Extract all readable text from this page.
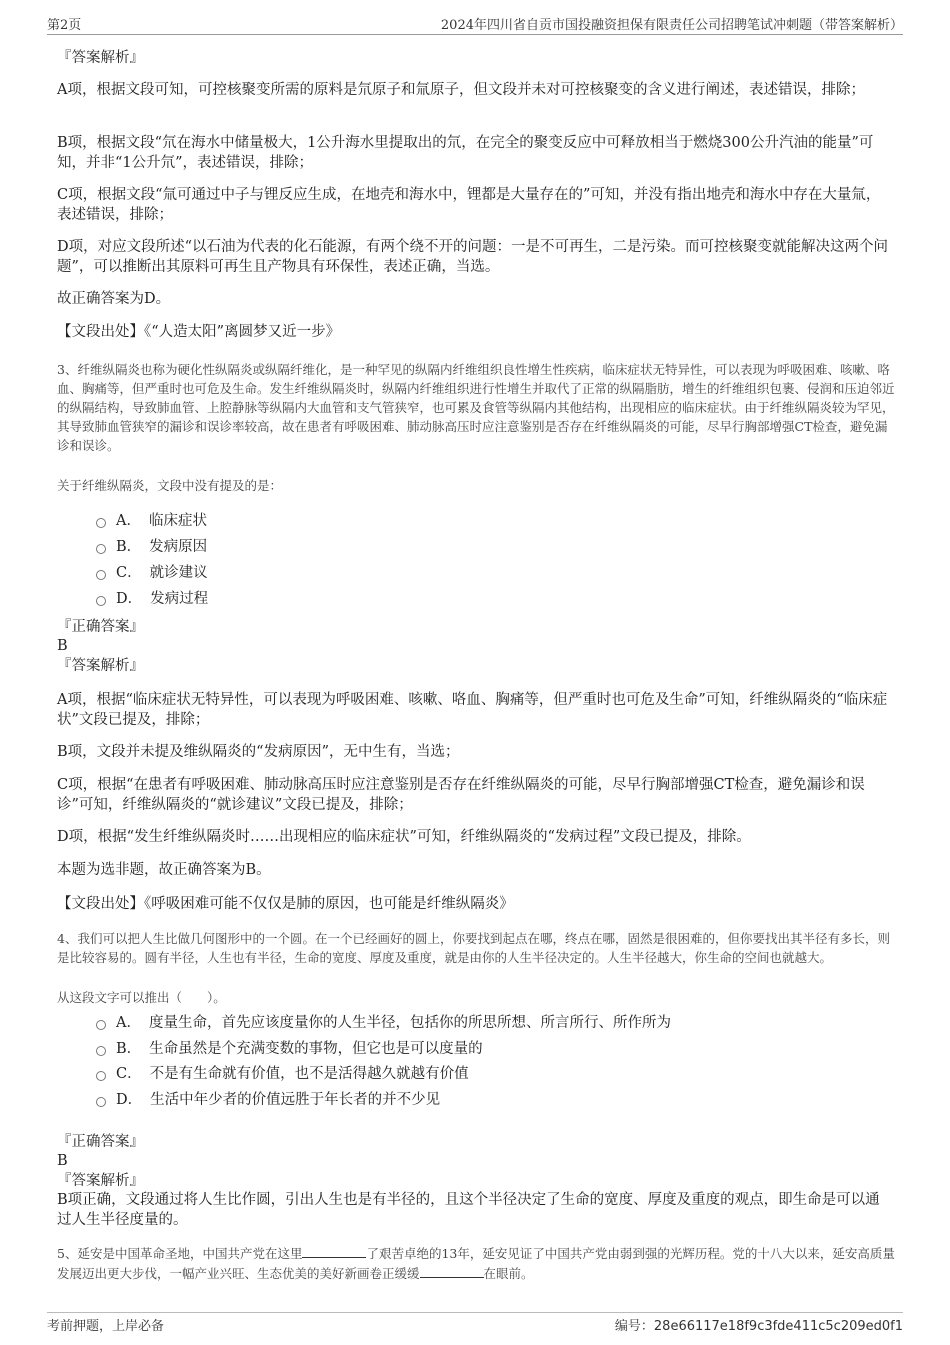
第2页	2024年四川省自贡市国投融资担保有限责任公司招聘笔试冲刺题（带答案解析）
『答案解析』
A项，根据文段可知，可控核聚变所需的原料是氘原子和氚原子，但文段并未对可控核聚变的含义进行阐述，表述错误，排除；
B项，根据文段“氘在海水中储量极大，1公升海水里提取出的氘，在完全的聚变反应中可释放相当于燃烧300公升汽油的能量”可知，并非“1公升氘”，表述错误，排除；
C项，根据文段“氚可通过中子与锂反应生成，在地壳和海水中，锂都是大量存在的”可知，并没有指出地壳和海水中存在大量氚，表述错误，排除；
D项，对应文段所述“以石油为代表的化石能源，有两个绕不开的问题：一是不可再生，二是污染。而可控核聚变就能解决这两个问题”，可以推断出其原料可再生且产物具有环保性，表述正确，当选。
故正确答案为D。
【文段出处】《“人造太阳”离圆梦又近一步》
3、纤维纵隔炎也称为硬化性纵隔炎或纵隔纤维化，是一种罕见的纵隔内纤维组织良性增生性疾病，临床症状无特异性，可以表现为呼吸困难、咳嗽、咯血、胸痛等，但严重时也可危及生命。发生纤维纵隔炎时，纵隔内纤维组织进行性增生并取代了正常的纵隔脂肪，增生的纤维组织包裹、侵润和压迫邻近的纵隔结构，导致肺血管、上腔静脉等纵隔内大血管和支气管狭窄，也可累及食管等纵隔内其他结构，出现相应的临床症状。由于纤维纵隔炎较为罕见，其导致肺血管狭窄的漏诊和误诊率较高，故在患者有呼吸困难、肺动脉高压时应注意鉴别是否存在纤维纵隔炎的可能，尽早行胸部增强CT检查，避免漏诊和误诊。
关于纤维纵隔炎，文段中没有提及的是：
A． 临床症状
B． 发病原因
C． 就诊建议
D． 发病过程
『正确答案』
B
『答案解析』
A项，根据“临床症状无特异性，可以表现为呼吸困难、咳嗽、咯血、胸痛等，但严重时也可危及生命”可知，纤维纵隔炎的“临床症状”文段已提及，排除；
B项，文段并未提及维纵隔炎的“发病原因”，无中生有，当选；
C项，根据“在患者有呼吸困难、肺动脉高压时应注意鉴别是否存在纤维纵隔炎的可能，尽早行胸部增强CT检查，避免漏诊和误诊”可知，纤维纵隔炎的“就诊建议”文段已提及，排除；
D项，根据“发生纤维纵隔炎时……出现相应的临床症状”可知，纤维纵隔炎的“发病过程”文段已提及，排除。
本题为选非题，故正确答案为B。
【文段出处】《呼吸困难可能不仅仅是肺的原因，也可能是纤维纵隔炎》
4、我们可以把人生比做几何图形中的一个圆。在一个已经画好的圆上，你要找到起点在哪，终点在哪，固然是很困难的，但你要找出其半径有多长，则是比较容易的。圆有半径，人生也有半径，生命的宽度、厚度及重度，就是由你的人生半径决定的。人生半径越大，你生命的空间也就越大。
从这段文字可以推出（　　）。
A． 度量生命，首先应该度量你的人生半径，包括你的所思所想、所言所行、所作所为
B． 生命虽然是个充满变数的事物，但它也是可以度量的
C． 不是有生命就有价值，也不是活得越久就越有价值
D． 生活中年少者的价值远胜于年长者的并不少见
『正确答案』
B
『答案解析』
B项正确，文段通过将人生比作圆，引出人生也是有半径的，且这个半径决定了生命的宽度、厚度及重度的观点，即生命是可以通过人生半径度量的。
5、延安是中国革命圣地，中国共产党在这里	了艰苦卓绝的13年，延安见证了中国共产党由弱到强的光辉历程。党的十八大以来，延安高质量发展迈出更大步伐，一幅产业兴旺、生态优美的美好新画卷正缓缓	在眼前。
考前押题，上岸必备	编号：28e66117e18f9c3fde411c5c209ed0f1
